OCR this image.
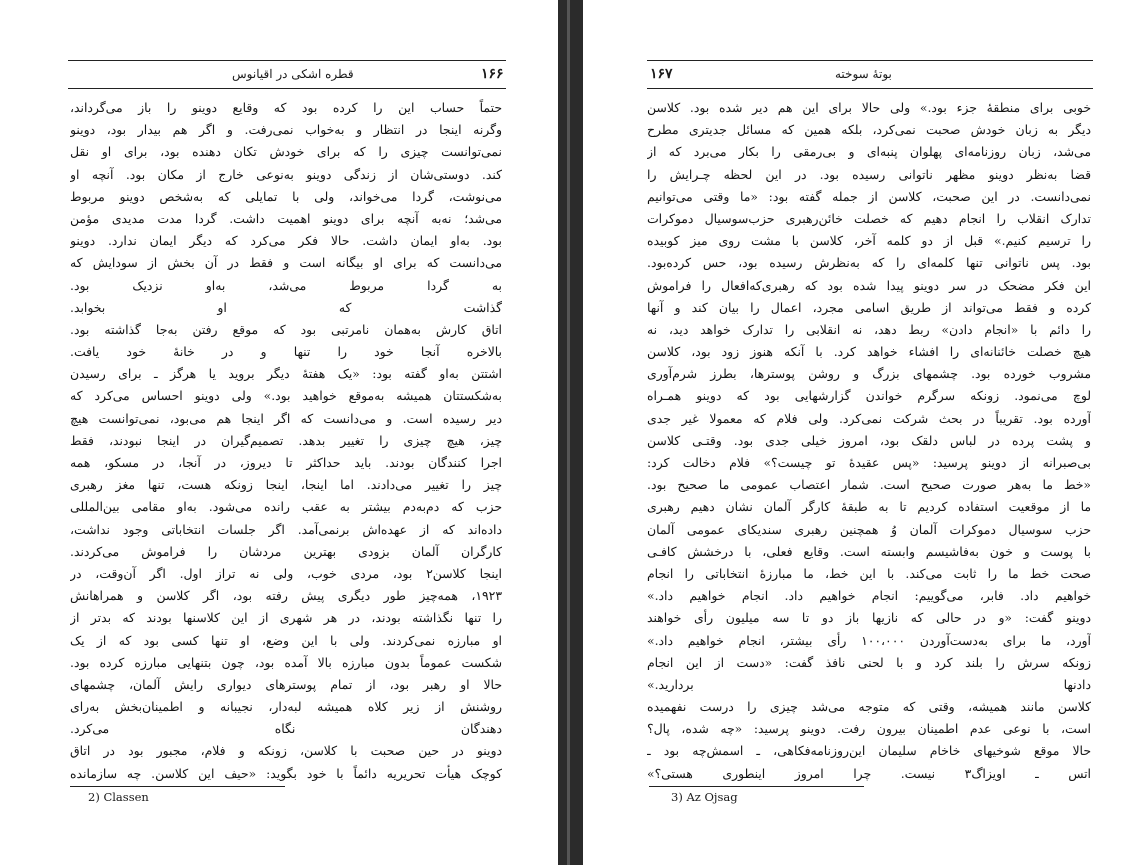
۱۶۶
قطره اشکی در اقیانوس
حتماً حساب این را کرده بود که وقایع دوینو را باز می‌گرداند،
وگرنه اینجا در انتظار و به‌خواب نمی‌رفت. و اگر هم بیدار بود، دوینو
نمی‌توانست چیزی را که برای خودش تکان دهنده بود، برای او نقل
کند. دوستی‌شان از زندگی دوینو به‌نوعی خارج از مکان بود. آنچه او
می‌نوشت، گردا می‌خواند، ولی با تمایلی که به‌شخص دوینو مربوط
می‌شد؛ نه‌به آنچه برای دوینو اهمیت داشت. گردا مدت مدیدی مؤمن
بود. به‌او ایمان داشت. حالا فکر می‌کرد که دیگر ایمان ندارد. دوینو
می‌دانست که برای او بیگانه است و فقط در آن بخش از سودایش که
به گردا مربوط می‌شد، به‌او نزدیک بود.
گذاشت که او بخوابد.
اتاق کارش به‌همان نامرتبی بود که موقع رفتن به‌جا گذاشته بود.
بالاخره آنجا خود را تنها و در خانهٔ خود یافت.
اشتتن به‌او گفته بود: «یک هفتهٔ دیگر بروید یا هرگز ـ برای رسیدن
به‌شکستتان همیشه به‌موقع خواهید بود.» ولی دوینو احساس می‌کرد که
دیر رسیده است. و می‌دانست که اگر اینجا هم می‌بود، نمی‌توانست هیچ
چیز، هیچ چیزی را تغییر بدهد. تصمیم‌گیران در اینجا نبودند، فقط
اجرا کنندگان بودند. باید حداکثر تا دیروز، در آنجا، در مسکو، همه
چیز را تغییر می‌دادند. اما اینجا، اینجا زونکه هست، تنها مغز رهبری
حزب که دم‌به‌دم بیشتر به عقب رانده می‌شود. به‌او مقامی بین‌المللی
داده‌اند که از عهده‌اش برنمی‌آمد. اگر جلسات انتخاباتی وجود نداشت،
کارگران آلمان بزودی بهترین مردشان را فراموش می‌کردند.
اینجا کلاسن۲ بود، مردی خوب، ولی نه تراز اول. اگر آن‌وقت، در
۱۹۲۳، همه‌چیز طور دیگری پیش رفته بود، اگر کلاسن و همراهانش
را تنها نگذاشته بودند، در هر شهری از این کلاسنها بودند که بدتر از
او مبارزه نمی‌کردند. ولی با این وضع، او تنها کسی بود که از یک
شکست عموماً بدون مبارزه بالا آمده بود، چون بتنهایی مبارزه کرده بود.
حالا او رهبر بود، از تمام پوسترهای دیواری رایش آلمان، چشمهای
روشنش از زیر کلاه همیشه لبه‌دار، نجیبانه و اطمینان‌بخش به‌رای
دهندگان نگاه می‌کرد.
دوینو در حین صحبت با کلاسن، زونکه و فلام، مجبور بود در اتاق
کوچک هیأت تحریریه دائماً با خود بگوید: «حیف این کلاسن. چه سازمانده
2) Classen
۱۶۷	بوتهٔ سوخته
خوبی برای منطقهٔ جزء بود.» ولی حالا برای این هم دیر شده بود. کلاسن
دیگر به زبان خودش صحبت نمی‌کرد، بلکه همین که مسائل جدیتری مطرح
می‌شد، زبان روزنامه‌ای پهلوان پنبه‌ای و بی‌رمقی را بکار می‌برد که از
قضا به‌نظر دوینو مظهر ناتوانی رسیده بود. در این لحظه چـرایش را
نمی‌دانست. در این صحبت، کلاسن از جمله گفته بود: «ما وقتی می‌توانیم
تدارک انقلاب را انجام دهیم که خصلت خائن‌رهبری حزب‌سوسیال دموکرات
را ترسیم کنیم.» قبل از دو کلمه آخر، کلاسن با مشت روی میز کوبیده
بود. پس ناتوانی تنها کلمه‌ای را که به‌نظرش رسیده بود، حس کرده‌بود.
این فکر مضحک در سر دوینو پیدا شده بود که رهبری‌که‌افعال را فراموش
کرده و فقط می‌تواند از طریق اسامی مجرد، اعمال را بیان کند و آنها
را دائم با «انجام دادن» ربط دهد، نه انقلابی را تدارک خواهد دید، نه
هیچ خصلت خائنانه‌ای را افشاء خواهد کرد. با آنکه هنوز زود بود، کلاسن
مشروب خورده بود. چشمهای بزرگ و روشن پوسترها، بطرز شرم‌آوری
لوچ می‌نمود. زونکه سرگرم خواندن گزارشهایی بود که دوینو همـراه
آورده بود. تقریباً در بحث شرکت نمی‌کرد. ولی فلام که معمولا غیر جدی
و پشت پرده در لباس دلقک بود، امروز خیلی جدی بود. وقتـی کلاسن
بی‌صبرانه از دوینو پرسید: «پس عقیدهٔ تو چیست؟» فلام دخالت کرد:
«خط ما به‌هر صورت صحیح است. شمار اعتصاب عمومی ما صحیح بود.
ما از موقعیت استفاده کردیم تا به طبقهٔ کارگر آلمان نشان دهیم رهبری
حزب سوسیال دموکرات آلمان وُ همچنین رهبری سندیکای عمومی آلمان
با پوست و خون به‌فاشیسم وابسته است. وقایع فعلی، با درخشش کافـی
صحت خط ما را ثابت می‌کند. با این خط، ما مبارزهٔ انتخاباتی را انجام
خواهیم داد. فابر، می‌گوییم: انجام خواهیم داد. انجام خواهیم داد.»
دوینو گفت: «و در حالی که نازیها باز دو تا سه میلیون رأی خواهند
آورد، ما برای به‌دست‌آوردن ۱۰۰،۰۰۰ رأی بیشتر، انجام خواهیم داد.»
زونکه سرش را بلند کرد و با لحنی نافذ گفت: «دست از این انجام
دادنها بردارید.»
کلاسن مانند همیشه، وقتی که متوجه می‌شد چیزی را درست نفهمیده
است، با نوعی عدم اطمینان بیرون رفت. دوینو پرسید: «چه شده، پال؟
حالا موقع شوخیهای خاخام سلیمان این‌روزنامه‌فکاهی، ـ اسمش‌چه بود ـ
اتس ـ اویزاگ۳ نیست. چرا امروز اینطوری هستی؟»
3) Az Ojsag
